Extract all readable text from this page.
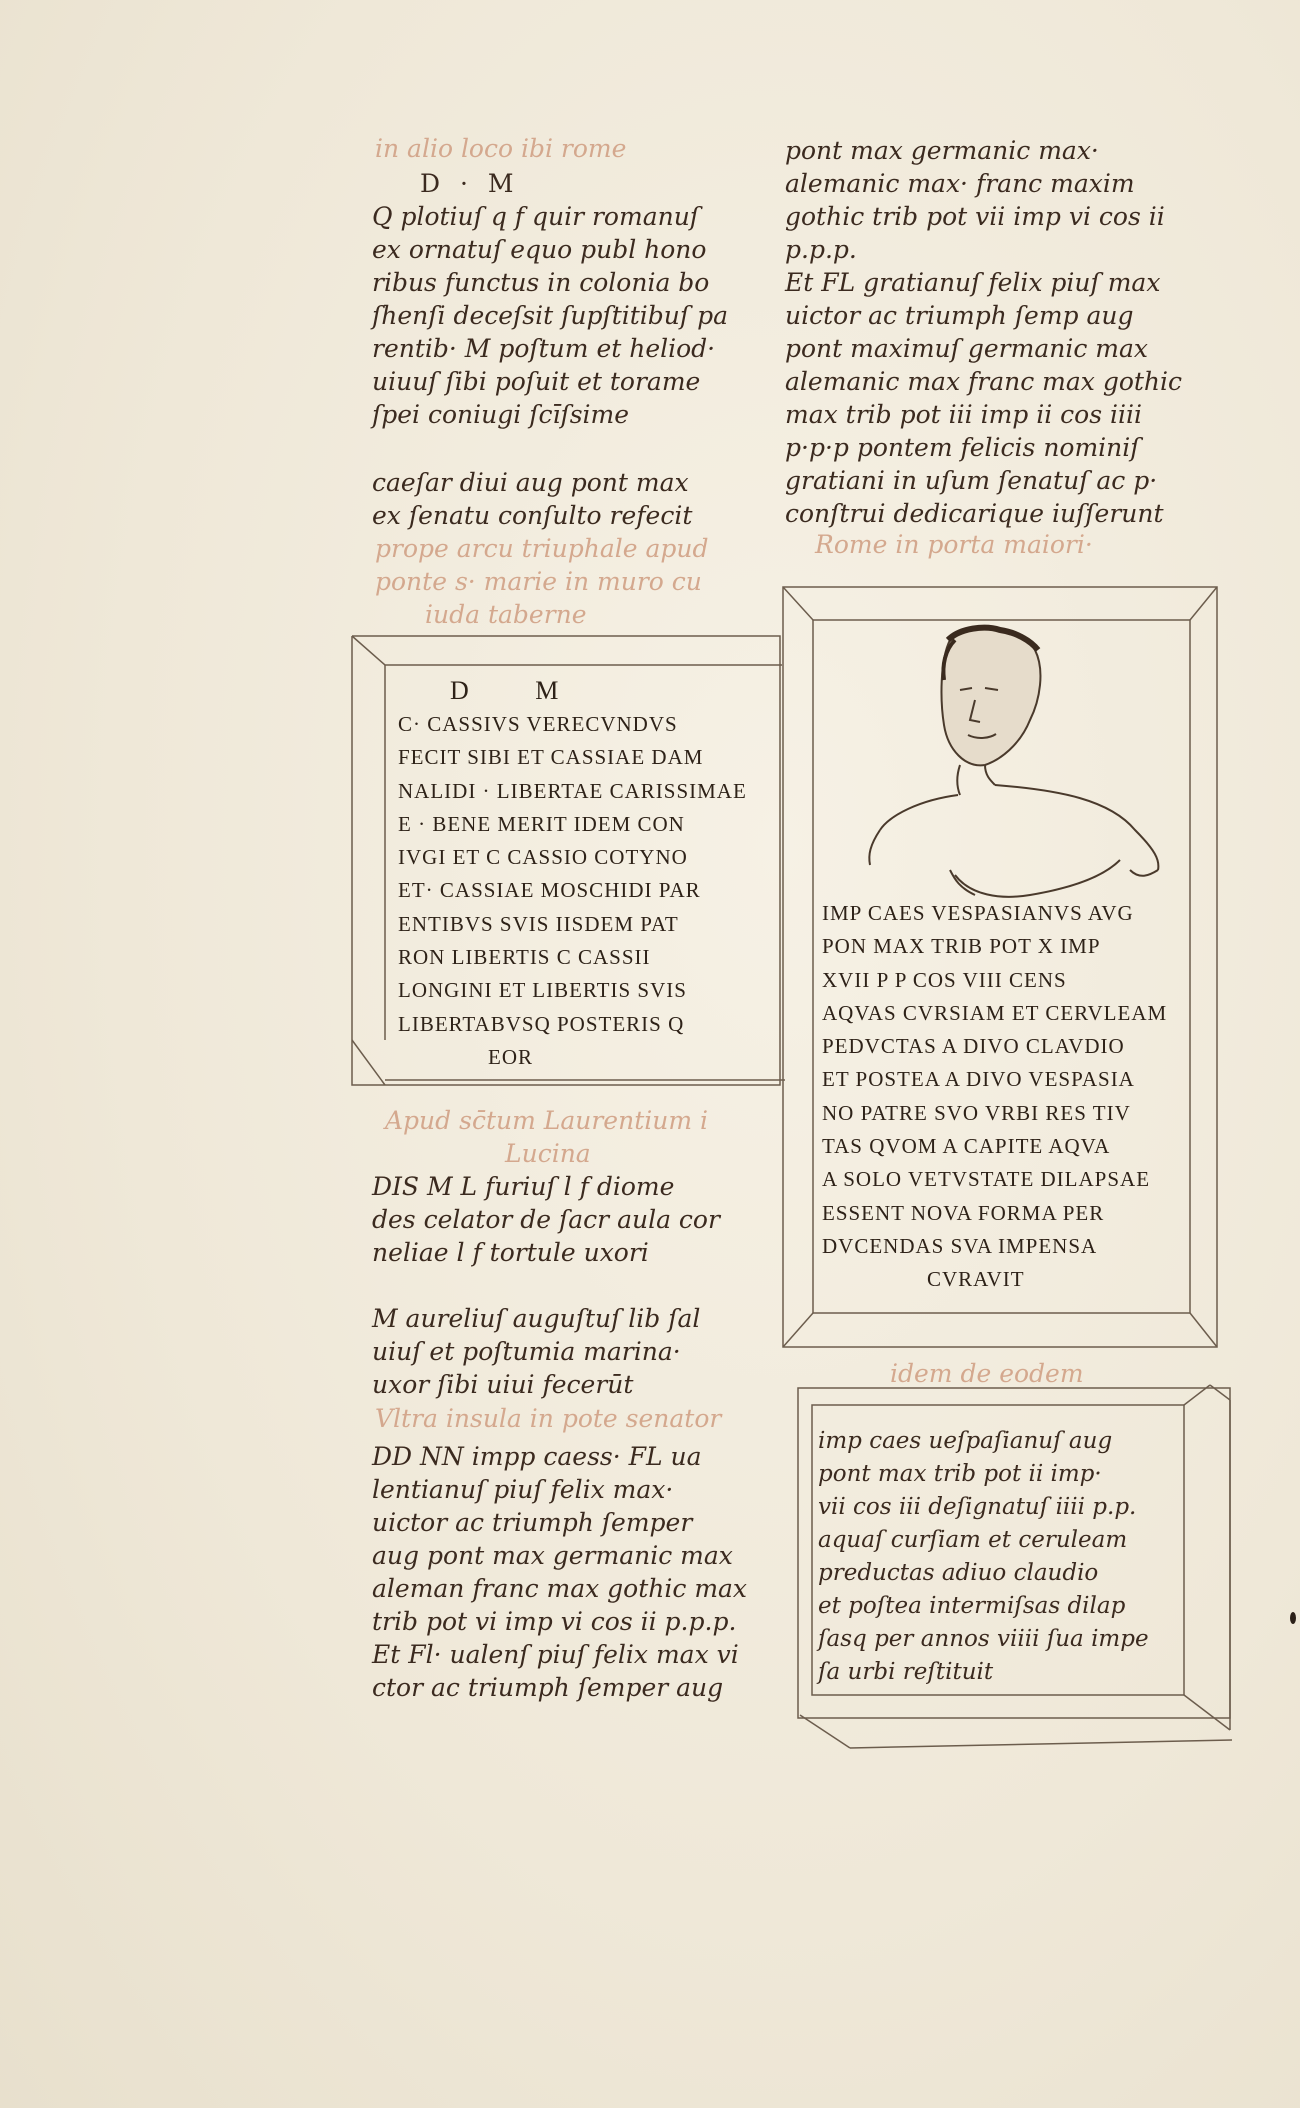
in alio loco ibi rome
D · M
Q plotiuſ q f quir romanuſ
ex ornatuſ equo publ hono
ribus functus in colonia bo
ſhenſi deceſsit ſupſtitibuſ pa
rentib· M poſtum et heliod·
uiuuſ ſibi poſuit et torame
ſpei coniugi ſcīſsime
caeſar diui aug pont max
ex ſenatu conſulto refecit
prope arcu triuphale apud
ponte s· marie in muro cu
iuda taberne
D M
C· CASSIVS VERECVNDVS
FECIT SIBI ET CASSIAE DAM
NALIDI · LIBERTAE CARISSIMAE
E · BENE MERIT IDEM CON
IVGI ET C CASSIO COTYNO
ET· CASSIAE MOSCHIDI PAR
ENTIBVS SVIS IISDEM PAT
RON LIBERTIS C CASSII
LONGINI ET LIBERTIS SVIS
LIBERTABVSQ POSTERIS Q
EOR
Apud sc̄tum Laurentium i
Lucina
DIS M L furiuſ l f diome
des celator de ſacr aula cor
neliae l f tortule uxori
M aureliuſ auguſtuſ lib ſal
uiuſ et poſtumia marina·
uxor ſibi uiui fecerūt
Vltra insula in pote senator
DD NN impp caess· FL ua
lentianuſ piuſ felix max·
uictor ac triumph ſemper
aug pont max germanic max
aleman franc max gothic max
trib pot vi imp vi cos ii p.p.p.
Et Fl· ualenſ piuſ felix max vi
ctor ac triumph ſemper aug
pont max germanic max·
alemanic max· franc maxim
gothic trib pot vii imp vi cos ii
p.p.p.
Et FL gratianuſ felix piuſ max
uictor ac triumph ſemp aug
pont maximuſ germanic max
alemanic max franc max gothic
max trib pot iii imp ii cos iiii
p·p·p pontem felicis nominiſ
gratiani in uſum ſenatuſ ac p·
conſtrui dedicarique iuſſerunt
Rome in porta maiori·
IMP CAES VESPASIANVS AVG
PON MAX TRIB POT X IMP
XVII P P COS VIII CENS
AQVAS CVRSIAM ET CERVLEAM
PEDVCTAS A DIVO CLAVDIO
ET POSTEA A DIVO VESPASIA
NO PATRE SVO VRBI RES TIV
TAS QVOM A CAPITE AQVA
A SOLO VETVSTATE DILAPSAE
ESSENT NOVA FORMA PER
DVCENDAS SVA IMPENSA
CVRAVIT
idem de eodem
imp caes ueſpaſianuſ aug
pont max trib pot ii imp·
vii cos iii deſignatuſ iiii p.p.
aquaſ curſiam et ceruleam
preductas adiuo claudio
et poſtea intermiſsas dilap
ſasq per annos viiii ſua impe
ſa urbi reſtituit
